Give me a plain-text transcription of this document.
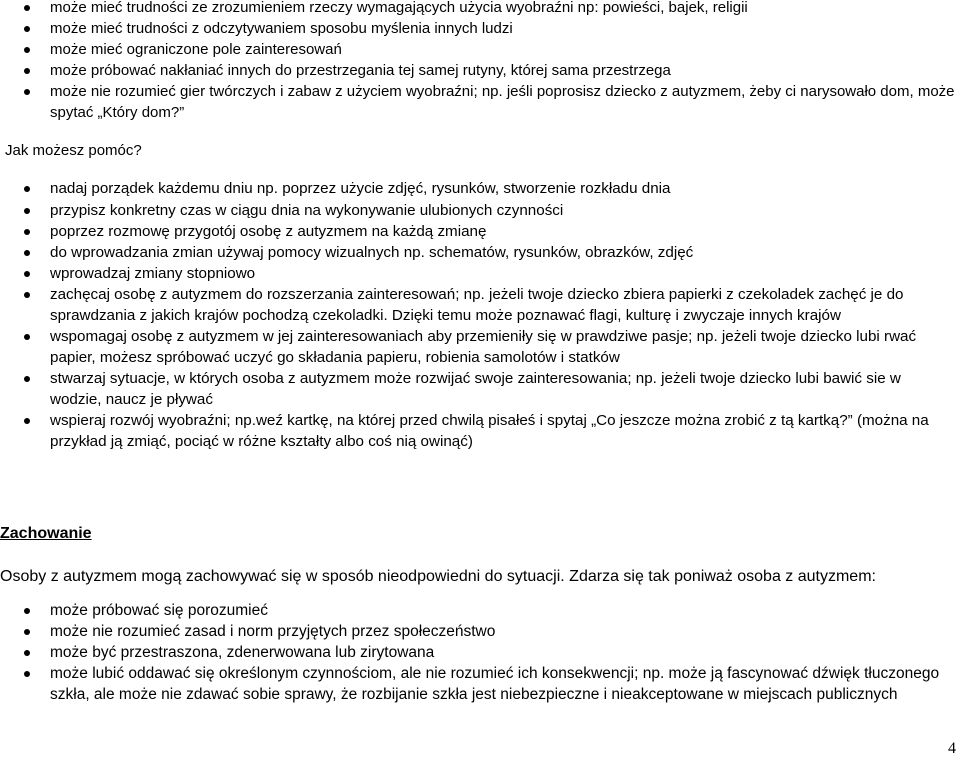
może mieć trudności ze zrozumieniem rzeczy wymagających użycia wyobraźni np: powieści, bajek, religii
może mieć trudności z odczytywaniem sposobu myślenia innych ludzi
może mieć ograniczone pole zainteresowań
może próbować nakłaniać innych do przestrzegania tej samej rutyny, której sama przestrzega
może nie rozumieć gier twórczych i zabaw z użyciem wyobraźni; np. jeśli poprosisz dziecko z autyzmem, żeby ci narysowało dom, może spytać „Który dom?”
Jak możesz pomóc?
nadaj porządek każdemu dniu np. poprzez użycie zdjęć, rysunków, stworzenie rozkładu dnia
przypisz konkretny czas w ciągu dnia na wykonywanie ulubionych czynności
poprzez rozmowę przygotój osobę z autyzmem na każdą zmianę
do wprowadzania zmian używaj pomocy wizualnych np. schematów, rysunków, obrazków, zdjęć
wprowadzaj zmiany stopniowo
zachęcaj osobę z autyzmem do rozszerzania zainteresowań; np. jeżeli twoje dziecko zbiera papierki z czekoladek zachęć je do sprawdzania z jakich krajów pochodzą czekoladki. Dzięki temu może poznawać flagi, kulturę i zwyczaje innych krajów
wspomagaj osobę z autyzmem w jej zainteresowaniach aby przemieniły się w prawdziwe pasje; np. jeżeli twoje dziecko lubi rwać papier, możesz spróbować uczyć go składania papieru, robienia samolotów i statków
stwarzaj sytuacje, w których osoba z autyzmem może rozwijać swoje zainteresowania; np. jeżeli twoje dziecko lubi bawić sie w wodzie, naucz je pływać
wspieraj rozwój wyobraźni; np.weź kartkę, na której przed chwilą pisałeś i spytaj „Co jeszcze można zrobić z tą kartką?” (można na przykład ją zmiąć, pociąć w różne kształty albo coś nią owinąć)
Zachowanie
Osoby z autyzmem mogą zachowywać się w sposób nieodpowiedni do sytuacji. Zdarza się tak poniważ osoba z autyzmem:
może próbować się porozumieć
może nie rozumieć zasad i norm przyjętych przez społeczeństwo
może być przestraszona, zdenerwowana lub zirytowana
może lubić oddawać się określonym czynnościom, ale nie rozumieć ich konsekwencji; np. może ją fascynować dźwięk tłuczonego szkła, ale może nie zdawać sobie sprawy, że rozbijanie szkła jest niebezpieczne i nieakceptowane w miejscach publicznych
4
